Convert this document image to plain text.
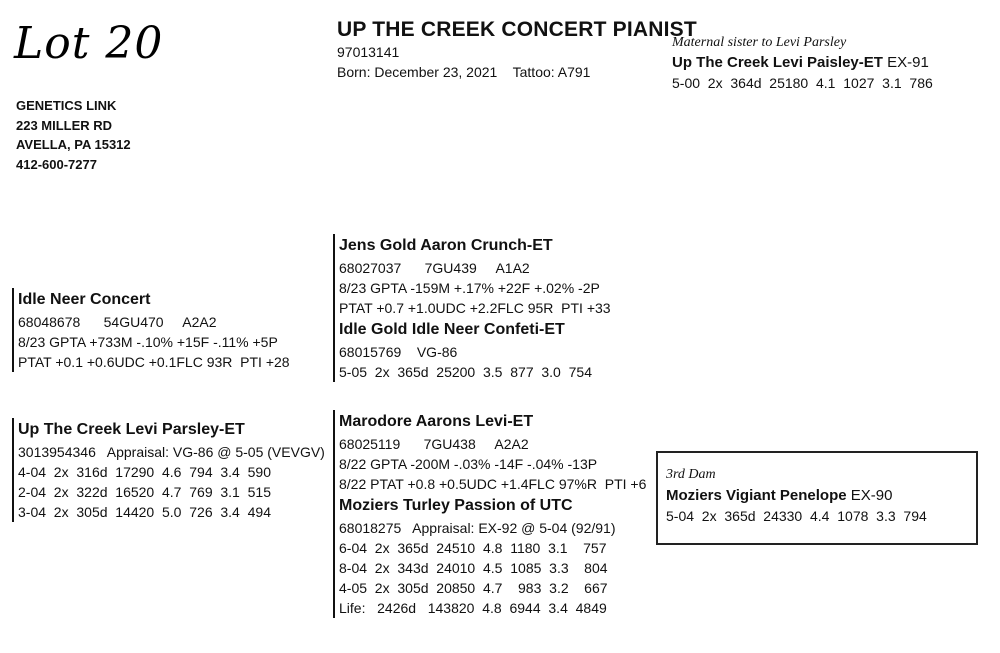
Lot 20
GENETICS LINK
223 MILLER RD
AVELLA, PA 15312
412-600-7277
UP THE CREEK CONCERT PIANIST
97013141
Born: December 23, 2021    Tattoo: A791
Maternal sister to Levi Parsley
Up The Creek Levi Paisley-ET EX-91
5-00  2x  364d  25180  4.1  1027  3.1  786
Jens Gold Aaron Crunch-ET
68027037      7GU439     A1A2
8/23 GPTA -159M +.17% +22F +.02% -2P
PTAT +0.7 +1.0UDC +2.2FLC 95R  PTI +33
Idle Gold Idle Neer Confeti-ET
68015769    VG-86
5-05  2x  365d  25200  3.5  877  3.0  754
Idle Neer Concert
68048678      54GU470     A2A2
8/23 GPTA +733M -.10% +15F -.11% +5P
PTAT +0.1 +0.6UDC +0.1FLC 93R  PTI +28
Up The Creek Levi Parsley-ET
3013954346   Appraisal: VG-86 @ 5-05 (VEVGV)
4-04  2x  316d  17290  4.6  794  3.4  590
2-04  2x  322d  16520  4.7  769  3.1  515
3-04  2x  305d  14420  5.0  726  3.4  494
Marodore Aarons Levi-ET
68025119      7GU438     A2A2
8/22 GPTA -200M -.03% -14F -.04% -13P
8/22 PTAT +0.8 +0.5UDC +1.4FLC 97%R  PTI +6
Moziers Turley Passion of UTC
68018275   Appraisal: EX-92 @ 5-04 (92/91)
6-04  2x  365d  24510  4.8  1180  3.1    757
8-04  2x  343d  24010  4.5  1085  3.3    804
4-05  2x  305d  20850  4.7    983  3.2    667
Life:   2426d   143820  4.8  6944  3.4  4849
3rd Dam
Moziers Vigiant Penelope EX-90
5-04  2x  365d  24330  4.4  1078  3.3  794
